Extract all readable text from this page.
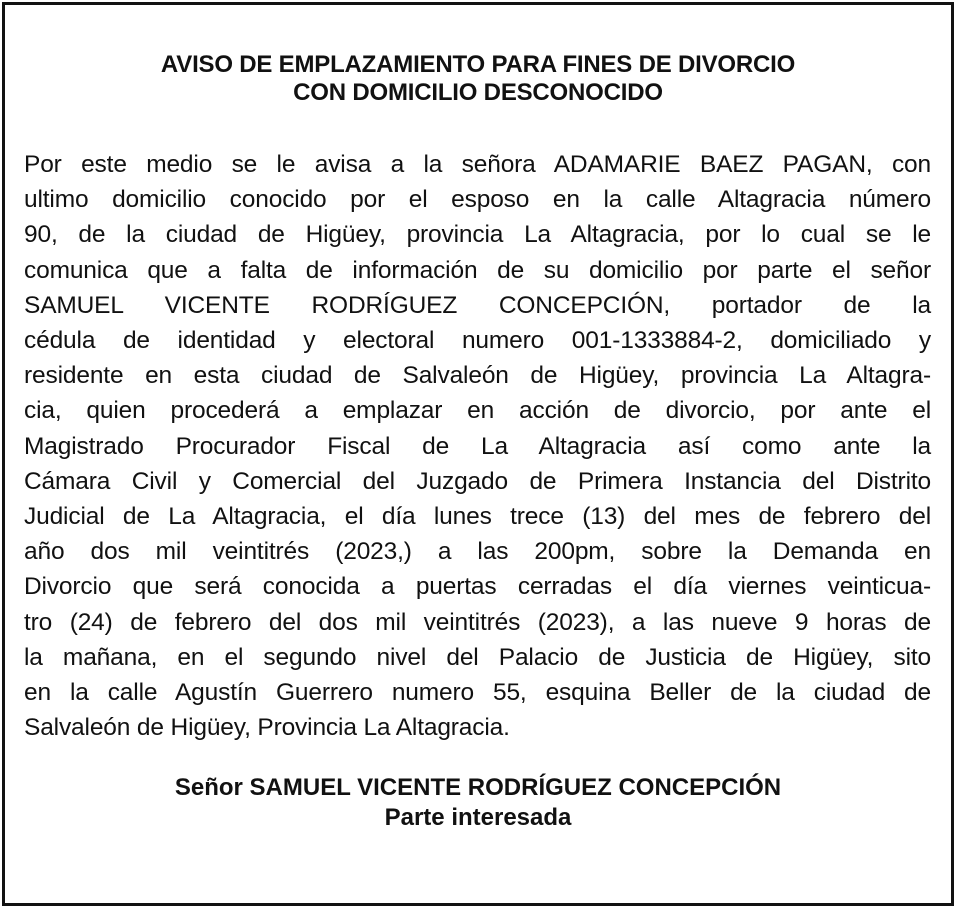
AVISO DE EMPLAZAMIENTO PARA FINES DE DIVORCIO
CON DOMICILIO DESCONOCIDO
Por este medio se le avisa a la señora ADAMARIE BAEZ PAGAN, con
ultimo domicilio conocido por el esposo en la calle Altagracia número
90, de la ciudad de Higüey, provincia La Altagracia, por lo cual se le
comunica que a falta de información de su domicilio por parte el señor
SAMUEL VICENTE RODRÍGUEZ CONCEPCIÓN, portador de la
cédula de identidad y electoral numero 001-1333884-2, domiciliado y
residente en esta ciudad de Salvaleón de Higüey, provincia La Altagra-
cia, quien procederá a emplazar en acción de divorcio, por ante el
Magistrado Procurador Fiscal de La Altagracia así como ante la
Cámara Civil y Comercial del Juzgado de Primera Instancia del Distrito
Judicial de La Altagracia, el día lunes trece (13) del mes de febrero del
año dos mil veintitrés (2023,) a las 200pm, sobre la Demanda en
Divorcio que será conocida a puertas cerradas el día viernes veinticua-
tro (24) de febrero del dos mil veintitrés (2023), a las nueve 9 horas de
la mañana, en el segundo nivel del Palacio de Justicia de Higüey, sito
en la calle Agustín Guerrero numero 55, esquina Beller de la ciudad de
Salvaleón de Higüey, Provincia La Altagracia.
Señor SAMUEL VICENTE RODRÍGUEZ CONCEPCIÓN
Parte interesada
